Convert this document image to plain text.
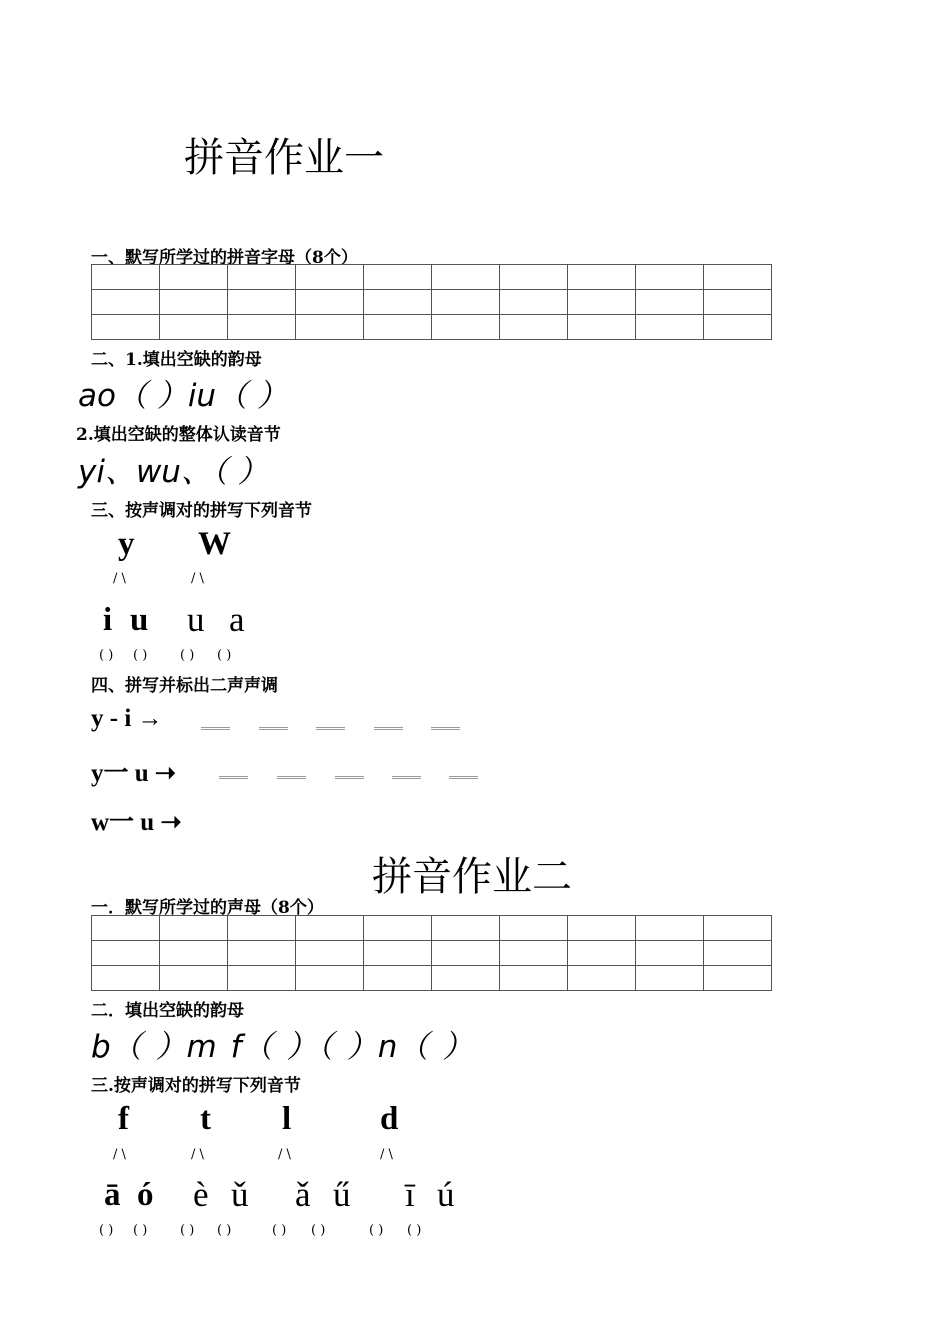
拼音作业一
一、默写所学过的拼音字母（8个）

二、1.填出空缺的韵母
ao（ ）iu（ ）
2.填出空缺的整体认读音节
yi、wu、（ ）
三、按声调对的拼写下列音节
y W
/ \	/ \
i u u a
( ) ( )	( ) ( )
四、拼写并标出二声声调
y - i →
y一 u ➝
w一 u ➝
拼音作业二
一．默写所学过的声母（8个）

二．填出空缺的韵母
b（ ）m f（ ）（ ）n（ ）
三.按声调对的拼写下列音节
f t l	d
/ \	/ \	/ \	/ \
ā ó è ǔ ǎ ű ī ú
( ) ( )	( ) ( )	( ) ( )	( ) ( )
